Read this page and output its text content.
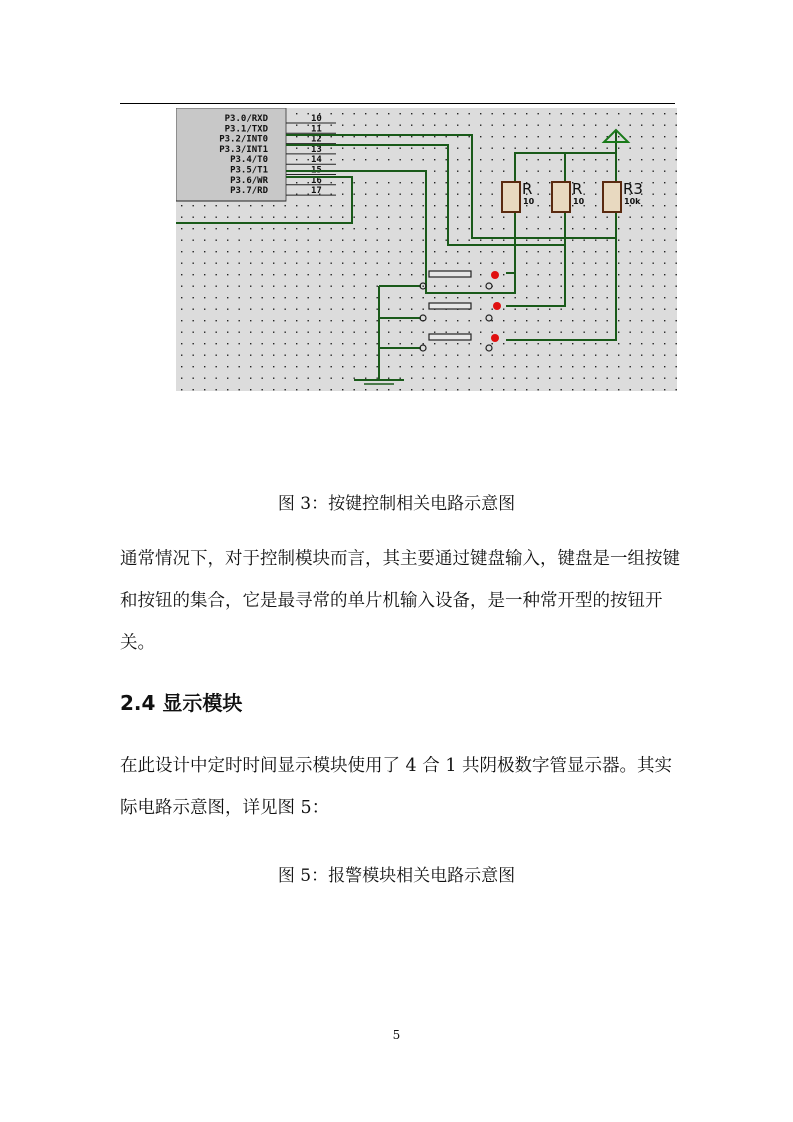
P3.0/RXD	10
P3.1/TXD	11
P3.2/INT0	12
P3.3/INT1	13
P3.4/T0	14
P3.5/T1	15
P3.6/WR	16
P3.7/RD	17	R
10
R
10
R3
10k
图 3：按键控制相关电路示意图
通常情况下，对于控制模块而言，其主要通过键盘输入，键盘是一组按键和按钮的集合，它是最寻常的单片机输入设备，是一种常开型的按钮开关。
2.4 显示模块
在此设计中定时时间显示模块使用了 4 合 1 共阴极数字管显示器。其实际电路示意图，详见图 5：
图 5：报警模块相关电路示意图
5
